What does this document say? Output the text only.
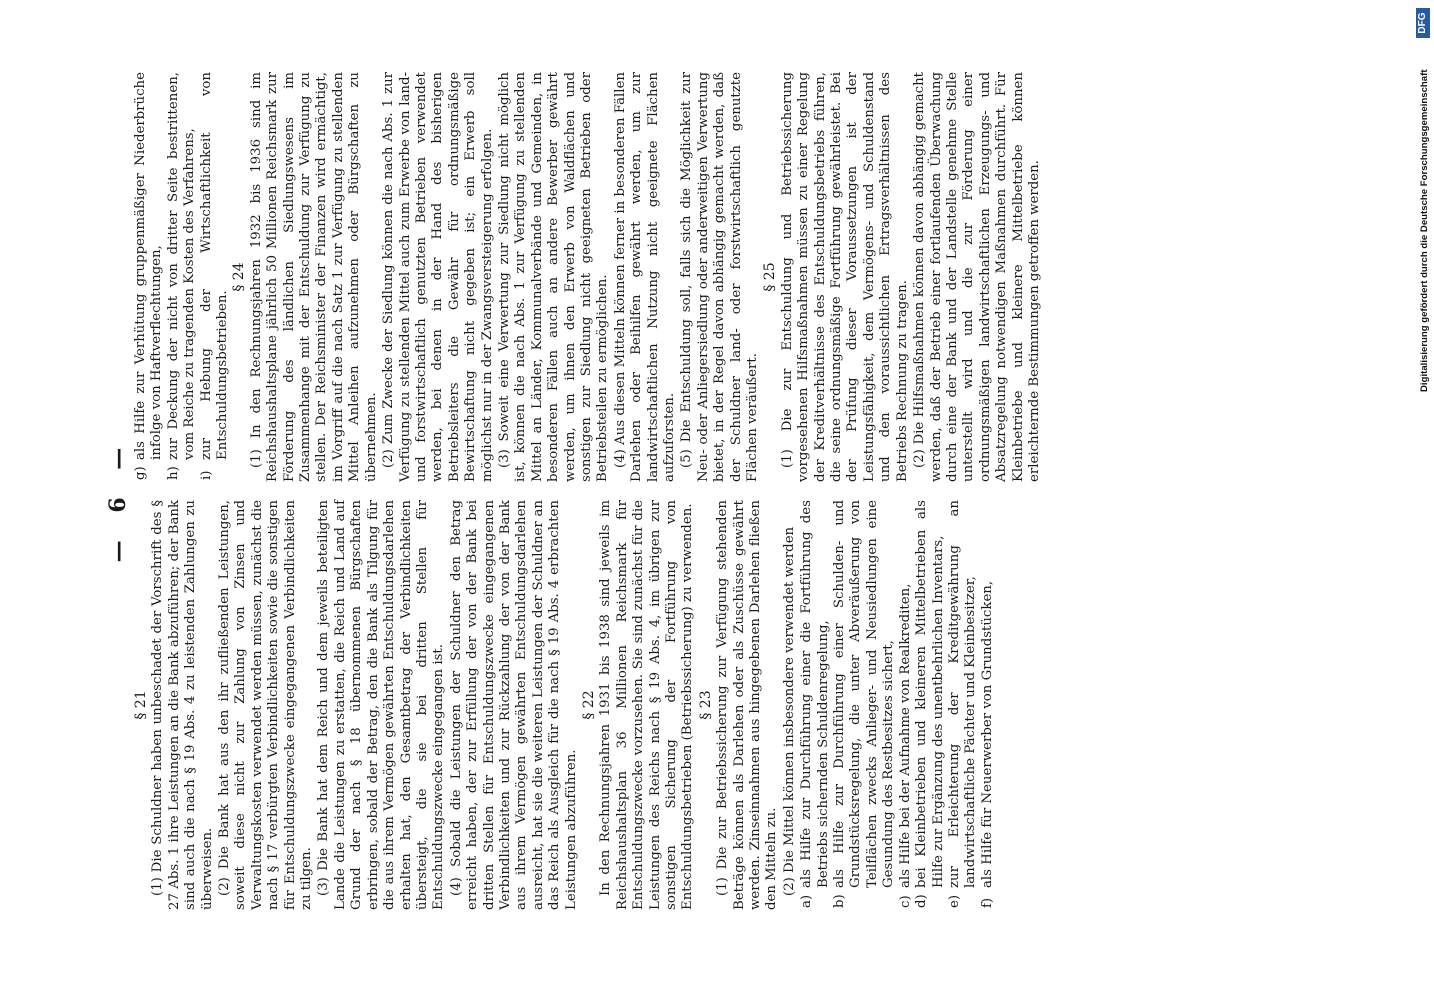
— 6 —

§ 21 (1) Die Schuldner haben unbeschadet der Vorschrift des § 27 Abs. 1 ihre Leistungen an die Bank abzuführen; der Bank sind auch die nach § 19 Abs. 4 zu leistenden Zahlungen zu überweisen. (2) Die Bank hat aus den ihr zufließenden Leistungen, soweit diese nicht zur Zahlung von Zinsen und Verwaltungskosten verwendet werden müssen, zunächst die nach § 17 verbürgten Verbindlichkeiten sowie die sonstigen für Entschuldungszwecke eingegangenen Verbindlichkeiten zu tilgen. (3) Die Bank hat dem Reich und dem jeweils beteiligten Lande die Leistungen zu erstatten, die Reich und Land auf Grund der nach § 18 übernommenen Bürgschaften erbringen, sobald der Betrag, den die Bank als Tilgung für die aus ihrem Vermögen gewährten Entschuldungsdarlehen erhalten hat, den Gesamtbetrag der Verbindlichkeiten übersteigt, die sie bei dritten Stellen für Entschuldungszwecke eingegangen ist. (4) Sobald die Leistungen der Schuldner den Betrag erreicht haben, der zur Erfüllung der von der Bank bei dritten Stellen für Entschuldungszwecke eingegangenen Verbindlichkeiten und zur Rückzahlung der von der Bank aus ihrem Vermögen gewährten Entschuldungsdarlehen ausreicht, hat sie die weiteren Leistungen der Schuldner an das Reich als Ausgleich für die nach § 19 Abs. 4 erbrachten Leistungen abzuführen.

§ 22 In den Rechnungsjahren 1931 bis 1938 sind jeweils im Reichshaushaltsplan 36 Millionen Reichsmark für Entschuldungszwecke vorzusehen. Sie sind zunächst für die Leistungen des Reichs nach § 19 Abs. 4, im übrigen zur sonstigen Sicherung der Fortführung von Entschuldungsbetrieben (Betriebssicherung) zu verwenden. § 23 (1) Die zur Betriebssicherung zur Verfügung stehenden Beträge können als Darlehen oder als Zuschüsse gewährt werden. Zinseinnahmen aus hingegebenen Darlehen fließen den Mitteln zu. (2) Die Mittel können insbesondere verwendet werden

a)
als Hilfe zur Durchführung einer die Fortführung des Betriebs sichernden Schuldenregelung,
b)
als Hilfe zur Durchführung einer Schulden- und Grundstücksregelung, die unter Abveräußerung von Teilflächen zwecks Anlieger- und Neusiedlungen eine Gesundung des Restbesitzes sichert,
c)
als Hilfe bei der Aufnahme von Realkrediten,
d)
bei Kleinbetrieben und kleineren Mittelbetrieben als Hilfe zur Ergänzung des unentbehrlichen Inventars,
e)
zur Erleichterung der Kreditgewährung an landwirtschaftliche Pächter und Kleinbesitzer,
f)
als Hilfe für Neuerwerber von Grundstücken,
g)
als Hilfe zur Verhütung gruppenmäßiger Niederbrüche infolge von Haftverflechtungen,
h)
zur Deckung der nicht von dritter Seite bestrittenen, vom Reiche zu tragenden Kosten des Verfahrens,
i)
zur Hebung der Wirtschaftlichkeit von Entschuldungsbetrieben.

§ 24 (1) In den Rechnungsjahren 1932 bis 1936 sind im Reichshaushaltsplane jährlich 50 Millionen Reichsmark zur Förderung des ländlichen Siedlungswesens im Zusammenhange mit der Entschuldung zur Verfügung zu stellen. Der Reichsminister der Finanzen wird ermächtigt, im Vorgriff auf die nach Satz 1 zur Verfügung zu stellenden Mittel Anleihen aufzunehmen oder Bürgschaften zu übernehmen. (2) Zum Zwecke der Siedlung können die nach Abs. 1 zur Verfügung zu stellenden Mittel auch zum Erwerbe von land- und forstwirtschaftlich genutzten Betrieben verwendet werden, bei denen in der Hand des bisherigen Betriebsleiters die Gewähr für ordnungsmäßige Bewirtschaftung nicht gegeben ist; ein Erwerb soll möglichst nur in der Zwangsversteigerung erfolgen. (3) Soweit eine Verwertung zur Siedlung nicht möglich ist, können die nach Abs. 1 zur Verfügung zu stellenden Mittel an Länder, Kommunalverbände und Gemeinden, in besonderen Fällen auch an andere Bewerber gewährt werden, um ihnen den Erwerb von Waldflächen und sonstigen zur Siedlung nicht geeigneten Betrieben oder Betriebsteilen zu ermöglichen. (4) Aus diesen Mitteln können ferner in besonderen Fällen Darlehen oder Beihilfen gewährt werden, um zur landwirtschaftlichen Nutzung nicht geeignete Flächen aufzuforsten. (5) Die Entschuldung soll, falls sich die Möglichkeit zur Neu- oder Anliegersiedlung oder anderweitigen Verwertung bietet, in der Regel davon abhängig gemacht werden, daß der Schuldner land- oder forstwirtschaftlich genutzte Flächen veräußert.

§ 25 (1) Die zur Entschuldung und Betriebssicherung vorgesehenen Hilfsmaßnahmen müssen zu einer Regelung der Kreditverhältnisse des Entschuldungsbetriebs führen, die seine ordnungsmäßige Fortführung gewährleistet. Bei der Prüfung dieser Voraussetzungen ist der Leistungsfähigkeit, dem Vermögens- und Schuldenstand und den voraussichtlichen Ertragsverhältnissen des Betriebs Rechnung zu tragen. (2) Die Hilfsmaßnahmen können davon abhängig gemacht werden, daß der Betrieb einer fortlaufenden Überwachung durch eine der Bank und der Landstelle genehme Stelle unterstellt wird und die zur Förderung einer ordnungsmäßigen landwirtschaftlichen Erzeugungs- und Absatzregelung notwendigen Maßnahmen durchführt. Für Kleinbetriebe und kleinere Mittelbetriebe können erleichternde Bestimmungen getroffen werden.

DFG
Digitalisierung gefördert durch die Deutsche Forschungsgemeinschaft
